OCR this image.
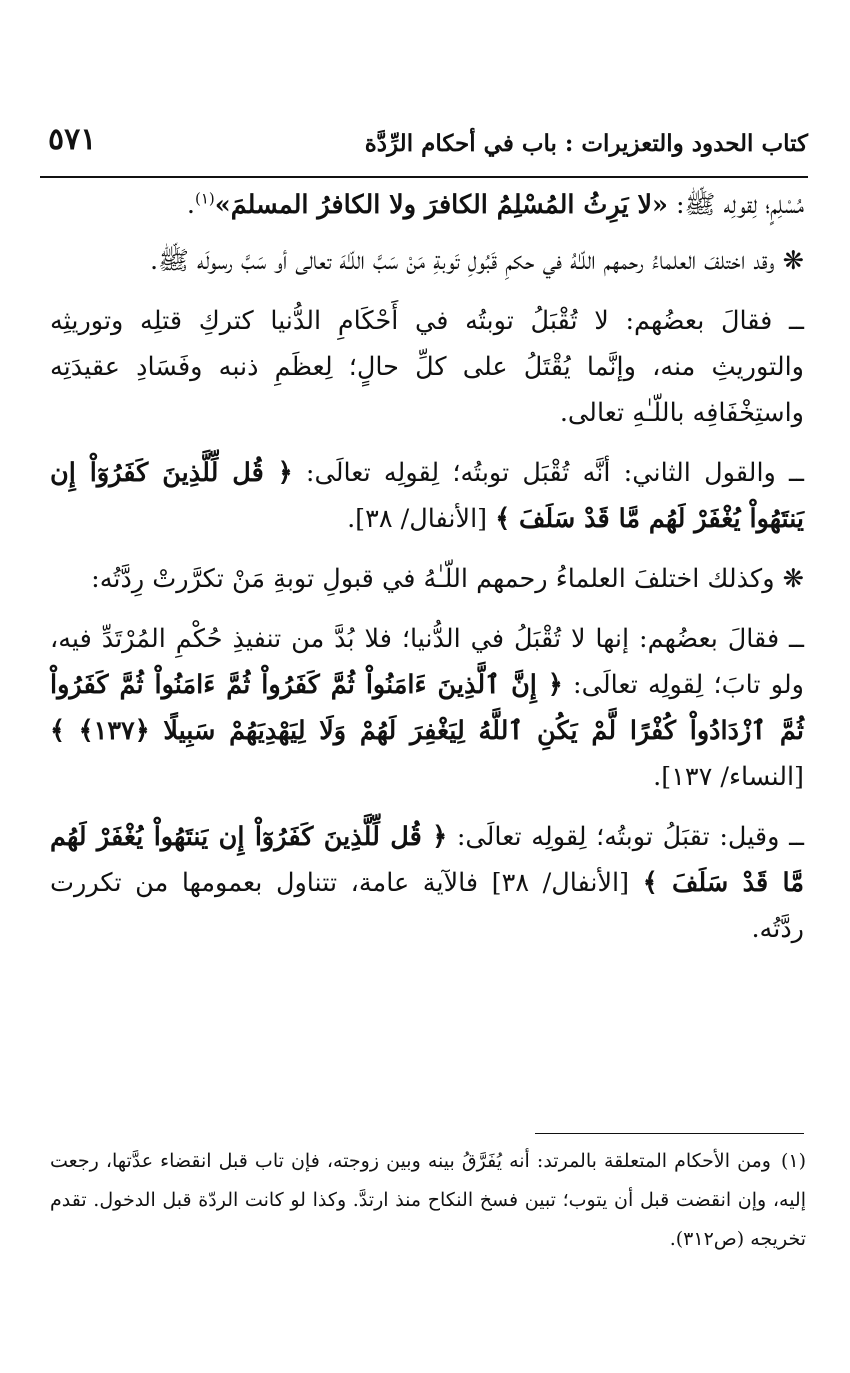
كتاب الحدود والتعزيرات : باب في أحكام الرِّدَّة
٥٧١

مُسْلِمٍ؛ لِقولِه ﷺ: «لا يَرِثُ المُسْلِمُ الكافرَ ولا الكافرُ المسلمَ»$^{(١)}$.

❋ وقد اختلفَ العلماءُ رحمهم اللّـٰهُ في حكمِ قَبُولِ تَوبةِ مَنْ سَبَّ اللّـٰهَ تعالى أو سَبَّ رسولَه ﷺ.

ــ فقالَ بعضُهم: لا تُقْبَلُ توبتُه في أَحْكَامِ الدُّنيا كتركِ قتلِه وتوريثِه والتوريثِ منه، وإنَّما يُقْتَلُ على كلِّ حالٍ؛ لِعظَمِ ذنبه وفَسَادِ عقيدَتِه واستِخْفَافِه باللّـٰهِ تعالى.

ــ والقول الثاني: أنَّه تُقْبَل توبتُه؛ لِقولِه تعالَى: ﴿ قُل لِّلَّذِينَ كَفَرُوٓاْ إِن يَنتَهُواْ يُغْفَرْ لَهُم مَّا قَدْ سَلَفَ ﴾ [الأنفال/ ٣٨].

❋ وكذلك اختلفَ العلماءُ رحمهم اللّـٰهُ في قبولِ توبةِ مَنْ تكرَّرتْ رِدَّتُه:

ــ فقالَ بعضُهم: إنها لا تُقْبَلُ في الدُّنيا؛ فلا بُدَّ من تنفيذِ حُكْمِ المُرْتَدِّ فيه، ولو تابَ؛ لِقولِه تعالَى: ﴿ إِنَّ ٱلَّذِينَ ءَامَنُواْ ثُمَّ كَفَرُواْ ثُمَّ ءَامَنُواْ ثُمَّ كَفَرُواْ ثُمَّ ٱزْدَادُواْ كُفْرًا لَّمْ يَكُنِ ٱللَّهُ لِيَغْفِرَ لَهُمْ وَلَا لِيَهْدِيَهُمْ سَبِيلًا ﴿١٣٧﴾ ﴾ [النساء/ ١٣٧].

ــ وقيل: تقبَلُ توبتُه؛ لِقولِه تعالَى: ﴿ قُل لِّلَّذِينَ كَفَرُوٓاْ إِن يَنتَهُواْ يُغْفَرْ لَهُم مَّا قَدْ سَلَفَ ﴾ [الأنفال/ ٣٨] فالآية عامة، تتناول بعمومها من تكررت ردَّتُه.

(١)ومن الأحكام المتعلقة بالمرتد: أنه يُفَرَّقُ بينه وبين زوجته، فإن تاب قبل انقضاء عدَّتها، رجعت إليه، وإن انقضت قبل أن يتوب؛ تبين فسخ النكاح منذ ارتدَّ. وكذا لو كانت الردّة قبل الدخول. تقدم تخريجه (ص٣١٢).
